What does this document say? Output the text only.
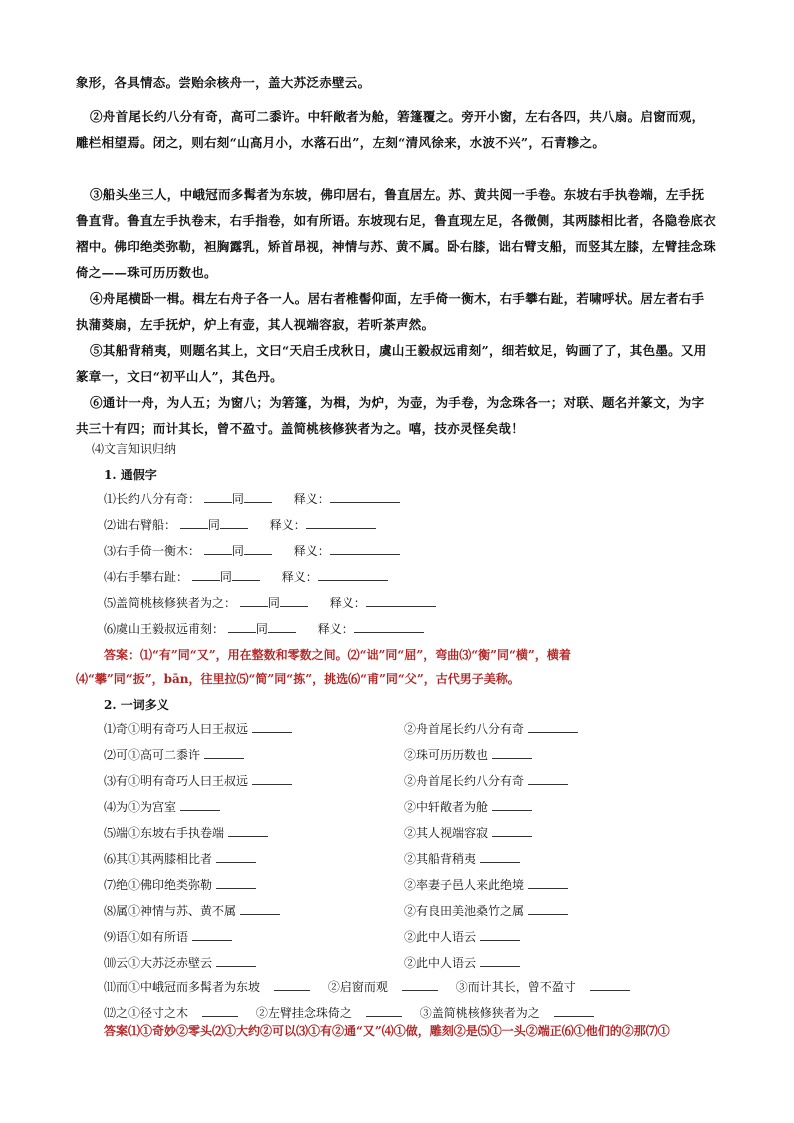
象形，各具情态。尝贻余核舟一，盖大苏泛赤壁云。
②舟首尾长约八分有奇，高可二黍许。中轩敞者为舱，箬篷覆之。旁开小窗，左右各四，共八扇。启窗而观，雕栏相望焉。闭之，则右刻“山高月小，水落石出”，左刻“清风徐来，水波不兴”，石青糁之。
③船头坐三人，中峨冠而多髯者为东坡，佛印居右，鲁直居左。苏、黄共阅一手卷。东坡右手执卷端，左手抚鲁直背。鲁直左手执卷末，右手指卷，如有所语。东坡现右足，鲁直现左足，各微侧，其两膝相比者，各隐卷底衣褶中。佛印绝类弥勒，袒胸露乳，矫首昂视，神情与苏、黄不属。卧右膝，诎右臂支船，而竖其左膝，左臂挂念珠倚之——珠可历历数也。
④舟尾横卧一楫。楫左右舟子各一人。居右者椎髻仰面，左手倚一衡木，右手攀右趾，若啸呼状。居左者右手执蒲葵扇，左手抚炉，炉上有壶，其人视端容寂，若听茶声然。
⑤其船背稍夷，则题名其上，文曰“天启壬戌秋日，虞山王毅叔远甫刻”，细若蚊足，钩画了了，其色墨。又用篆章一，文曰“初平山人”，其色丹。
⑥通计一舟，为人五；为窗八；为箬篷，为楫，为炉，为壶，为手卷，为念珠各一；对联、题名并篆文，为字共三十有四；而计其长，曾不盈寸。盖简桃核修狭者为之。嘻，技亦灵怪矣哉！
⑷文言知识归纳
1. 通假字
⑴长约八分有奇：	同	释义：
⑵诎右臂船：	同	释义：
⑶右手倚一衡木：	同	释义：
⑷右手攀右趾：	同	释义：
⑸盖简桃核修狭者为之：	同	释义：
⑹虞山王毅叔远甫刻：	同	释义：
答案：⑴“有”同“又”，用在整数和零数之间。⑵“诎”同“屈”，弯曲⑶“衡”同“横”，横着
⑷“攀”同“扳”，bān，往里拉⑸“简”同“拣”，挑选⑹“甫”同“父”，古代男子美称。
2. 一词多义
⑴奇①明有奇巧人曰王叔远	②舟首尾长约八分有奇
⑵可①高可二黍许	②珠可历历数也
⑶有①明有奇巧人曰王叔远	②舟首尾长约八分有奇
⑷为①为宫室	②中轩敞者为舱
⑸端①东坡右手执卷端	②其人视端容寂
⑹其①其两膝相比者	②其船背稍夷
⑺绝①佛印绝类弥勒	②率妻子邑人来此绝境
⑻属①神情与苏、黄不属	②有良田美池桑竹之属
⑼语①如有所语	②此中人语云
⑽云①大苏泛赤壁云	②此中人语云
⑾而①中峨冠而多髯者为东坡	②启窗而观	③而计其长，曾不盈寸
⑿之①径寸之木	②左臂挂念珠倚之	③盖简桃核修狭者为之
答案⑴①奇妙②零头⑵①大约②可以⑶①有②通“又”⑷①做，雕刻②是⑸①一头②端正⑹①他们的②那⑺①
